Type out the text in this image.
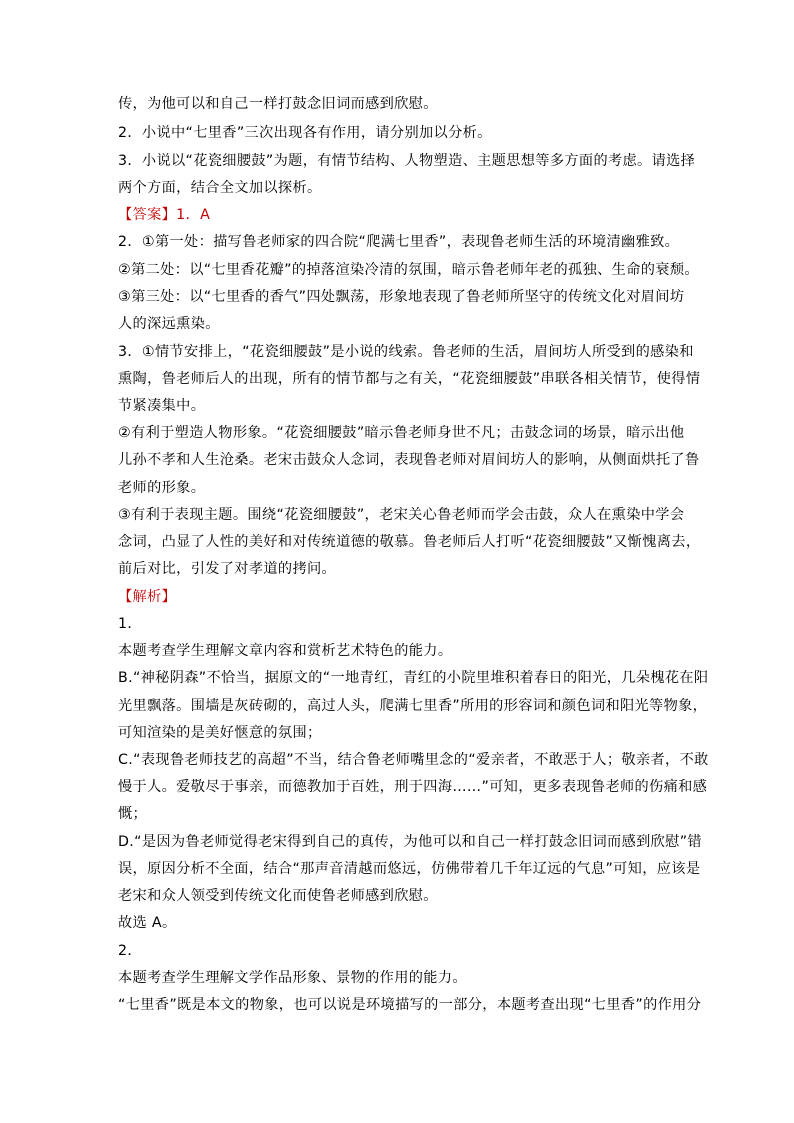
传，为他可以和自己一样打鼓念旧词而感到欣慰。
2．小说中“七里香”三次出现各有作用，请分别加以分析。
3．小说以“花瓷细腰鼓”为题，有情节结构、人物塑造、主题思想等多方面的考虑。请选择
两个方面，结合全文加以探析。
【答案】1．A
2．①第一处：描写鲁老师家的四合院“爬满七里香”，表现鲁老师生活的环境清幽雅致。
②第二处：以“七里香花瓣”的掉落渲染冷清的氛围，暗示鲁老师年老的孤独、生命的衰颓。
③第三处：以“七里香的香气”四处飘荡，形象地表现了鲁老师所坚守的传统文化对眉间坊
人的深远熏染。
3．①情节安排上，“花瓷细腰鼓”是小说的线索。鲁老师的生活，眉间坊人所受到的感染和
熏陶，鲁老师后人的出现，所有的情节都与之有关，“花瓷细腰鼓”串联各相关情节，使得情
节紧凑集中。
②有利于塑造人物形象。“花瓷细腰鼓”暗示鲁老师身世不凡；击鼓念词的场景，暗示出他
儿孙不孝和人生沧桑。老宋击鼓众人念词，表现鲁老师对眉间坊人的影响，从侧面烘托了鲁
老师的形象。
③有利于表现主题。围绕“花瓷细腰鼓”，老宋关心鲁老师而学会击鼓，众人在熏染中学会
念词，凸显了人性的美好和对传统道德的敬慕。鲁老师后人打听“花瓷细腰鼓”又惭愧离去，
前后对比，引发了对孝道的拷问。
【解析】
1．
本题考查学生理解文章内容和赏析艺术特色的能力。
B.“神秘阴森”不恰当，据原文的“一地青红，青红的小院里堆积着春日的阳光，几朵槐花在阳
光里飘落。围墙是灰砖砌的，高过人头，爬满七里香”所用的形容词和颜色词和阳光等物象，
可知渲染的是美好惬意的氛围；
C.“表现鲁老师技艺的高超”不当，结合鲁老师嘴里念的“爱亲者，不敢恶于人；敬亲者，不敢
慢于人。爱敬尽于事亲，而德教加于百姓，刑于四海……”可知，更多表现鲁老师的伤痛和感
慨；
D.“是因为鲁老师觉得老宋得到自己的真传，为他可以和自己一样打鼓念旧词而感到欣慰”错
误，原因分析不全面，结合“那声音清越而悠远，仿佛带着几千年辽远的气息”可知，应该是
老宋和众人领受到传统文化而使鲁老师感到欣慰。
故选 A。
2．
本题考查学生理解文学作品形象、景物的作用的能力。
“七里香”既是本文的物象，也可以说是环境描写的一部分，本题考查出现“七里香”的作用分
